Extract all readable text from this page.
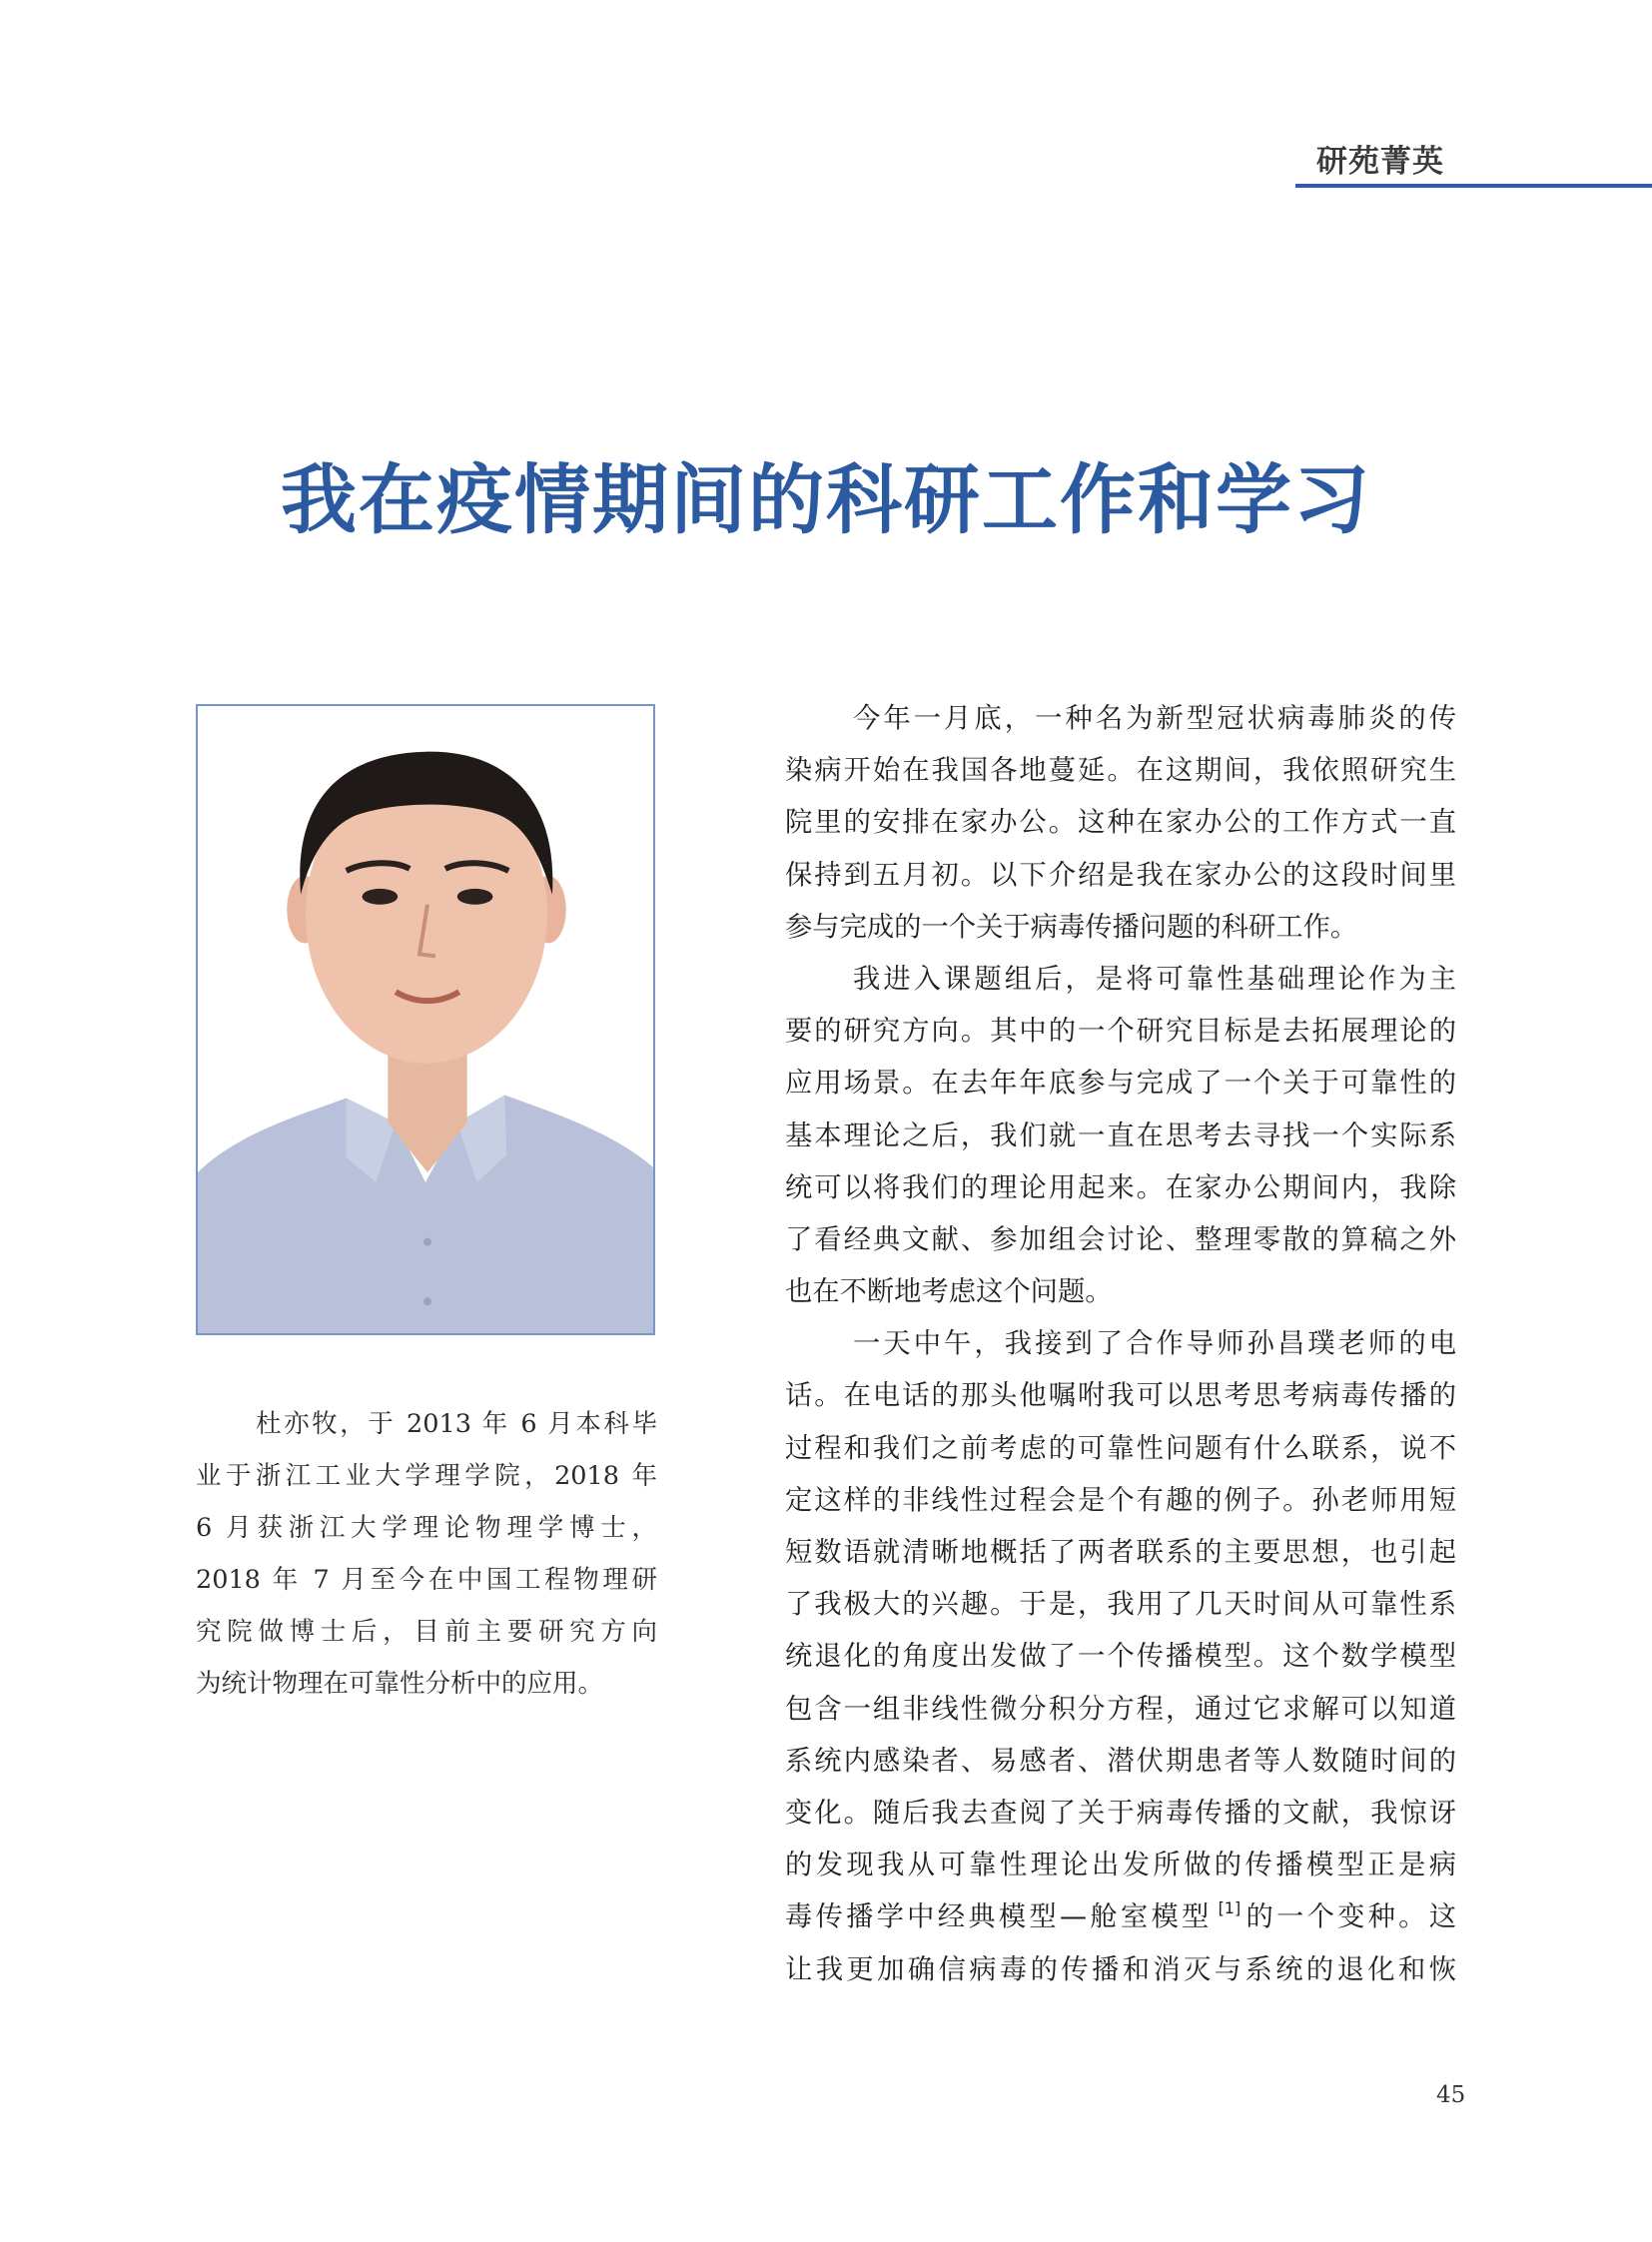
研苑菁英
我在疫情期间的科研工作和学习
杜亦牧，于 2013 年 6 月本科毕
业于浙江工业大学理学院，2018 年
6 月获浙江大学理论物理学博士，
2018 年 7 月至今在中国工程物理研
究院做博士后，目前主要研究方向
为统计物理在可靠性分析中的应用。
今年一月底，一种名为新型冠状病毒肺炎的传
染病开始在我国各地蔓延。在这期间，我依照研究生
院里的安排在家办公。这种在家办公的工作方式一直
保持到五月初。以下介绍是我在家办公的这段时间里
参与完成的一个关于病毒传播问题的科研工作。
我进入课题组后，是将可靠性基础理论作为主
要的研究方向。其中的一个研究目标是去拓展理论的
应用场景。在去年年底参与完成了一个关于可靠性的
基本理论之后，我们就一直在思考去寻找一个实际系
统可以将我们的理论用起来。在家办公期间内，我除
了看经典文献、参加组会讨论、整理零散的算稿之外
也在不断地考虑这个问题。
一天中午，我接到了合作导师孙昌璞老师的电
话。在电话的那头他嘱咐我可以思考思考病毒传播的
过程和我们之前考虑的可靠性问题有什么联系，说不
定这样的非线性过程会是个有趣的例子。孙老师用短
短数语就清晰地概括了两者联系的主要思想，也引起
了我极大的兴趣。于是，我用了几天时间从可靠性系
统退化的角度出发做了一个传播模型。这个数学模型
包含一组非线性微分积分方程，通过它求解可以知道
系统内感染者、易感者、潜伏期患者等人数随时间的
变化。随后我去查阅了关于病毒传播的文献，我惊讶
的发现我从可靠性理论出发所做的传播模型正是病
毒传播学中经典模型—舱室模型 [1]的一个变种。这
让我更加确信病毒的传播和消灭与系统的退化和恢
45
